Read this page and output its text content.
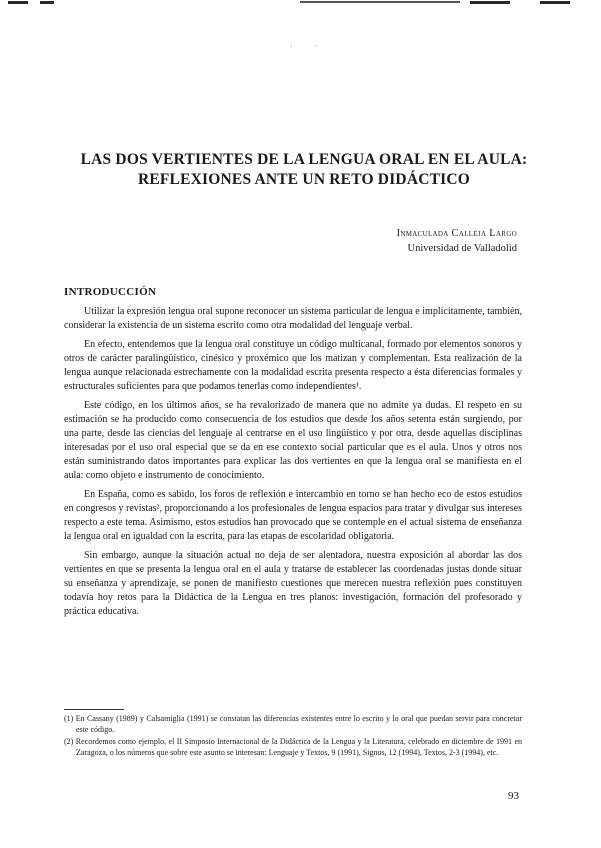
· ·
LAS DOS VERTIENTES DE LA LENGUA ORAL EN EL AULA:
REFLEXIONES ANTE UN RETO DIDÁCTICO
Inmaculada Calleja Largo
Universidad de Valladolid
INTRODUCCIÓN

Utilizar la expresión lengua oral supone reconocer un sistema particular de lengua e implícitamente, también, considerar la existencia de un sistema escrito como otra modalidad del lenguaje verbal.

En efecto, entendemos que la lengua oral constituye un código multicanal, formado por elementos sonoros y otros de carácter paralingüístico, cinésico y proxémico que los matizan y complementan. Esta realización de la lengua aunque relacionada estrechamente con la modalidad escrita presenta respecto a ésta diferencias formales y estructurales suficientes para que podamos tenerlas como independientes¹.

Este código, en los últimos años, se ha revalorizado de manera que no admite ya dudas. El respeto en su estimación se ha producido como consecuencia de los estudios que desde los años setenta están surgiendo, por una parte, desde las ciencias del lenguaje al centrarse en el uso lingüístico y por otra, desde aquellas disciplinas interesadas por el uso oral especial que se da en ese contexto social particular que es el aula. Unos y otros nos están suministrando datos importantes para explicar las dos vertientes en que la lengua oral se manifiesta en el aula: como objeto e instrumento de conocimiento.

En España, como es sabido, los foros de reflexión e intercambio en torno se han hecho eco de estos estudios en congresos y revistas², proporcionando a los profesionales de lengua espacios para tratar y divulgar sus intereses respecto a este tema. Asimismo, estos estudios han provocado que se contemple en el actual sistema de enseñanza la lengua oral en igualdad con la escrita, para las etapas de escolaridad obligatoria.

Sin embargo, aunque la situación actual no deja de ser alentadora, nuestra exposición al abordar las dos vertientes en que se presenta la lengua oral en el aula y tratarse de establecer las coordenadas justas donde situar su enseñanza y aprendizaje, se ponen de manifiesto cuestiones que merecen nuestra reflexión pues constituyen todavía hoy retos para la Didáctica de la Lengua en tres planos: investigación, formación del profesorado y práctica educativa.

(1) En Cassany (1989) y Calsamiglia (1991) se constatan las diferencias existentes entre lo escrito y lo oral que puedan servir para concretar este código.

(2) Recordemos como ejemplo, el II Simposio Internacional de la Didáctica de la Lengua y la Literatura, celebrado en diciembre de 1991 en Zaragoza, o los números que sobre este asunto se interesan: Lenguaje y Textos, 9 (1991), Signos, 12 (1994), Textos, 2-3 (1994), etc.

93
